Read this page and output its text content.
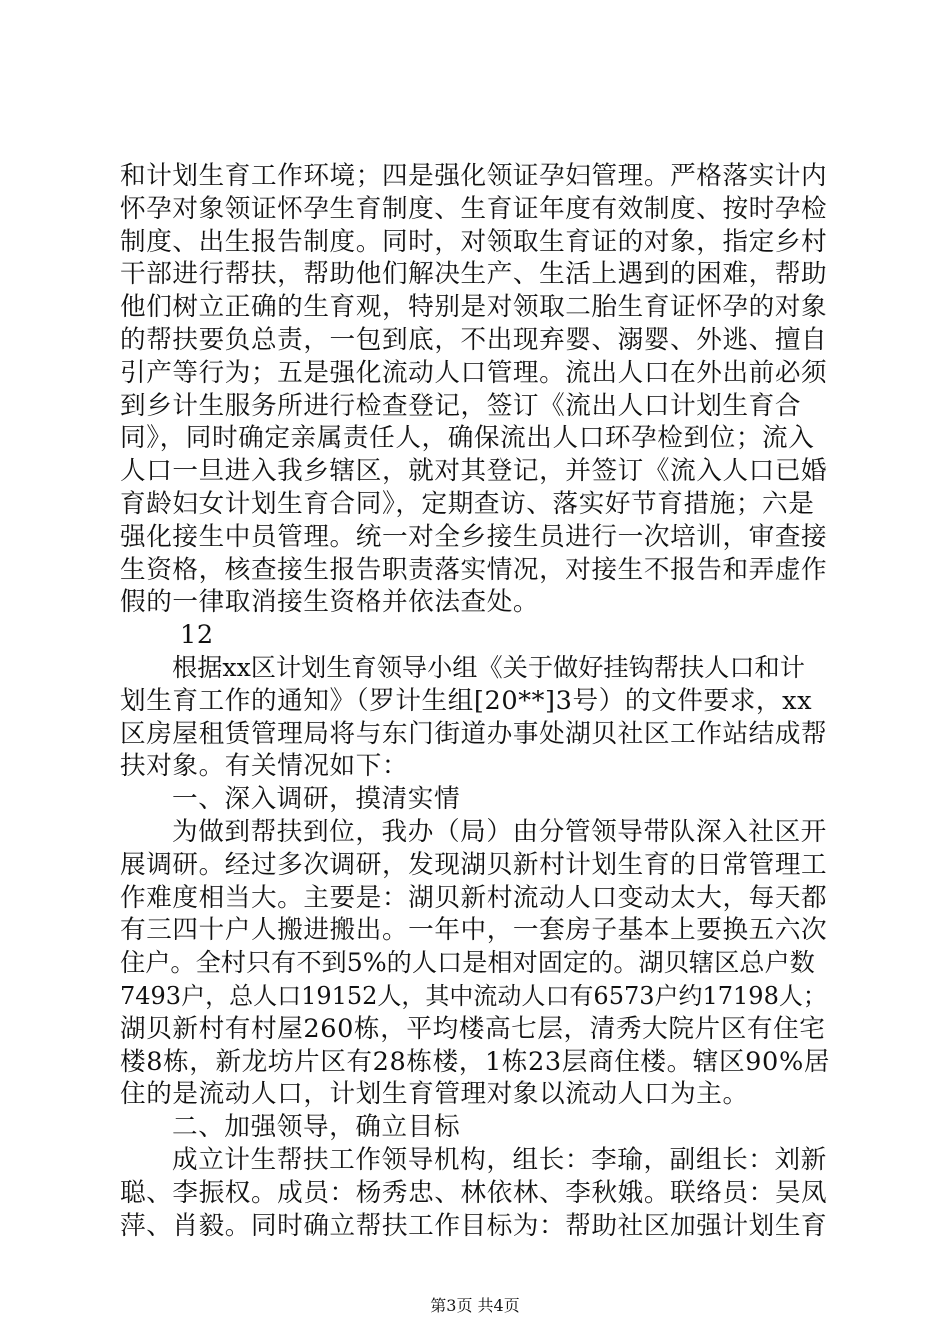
和计划生育工作环境；四是强化领证孕妇管理。严格落实计内
怀孕对象领证怀孕生育制度、生育证年度有效制度、按时孕检
制度、出生报告制度。同时，对领取生育证的对象，指定乡村
干部进行帮扶，帮助他们解决生产、生活上遇到的困难，帮助
他们树立正确的生育观，特别是对领取二胎生育证怀孕的对象
的帮扶要负总责，一包到底，不出现弃婴、溺婴、外逃、擅自
引产等行为；五是强化流动人口管理。流出人口在外出前必须
到乡计生服务所进行检查登记，签订《流出人口计划生育合
同》，同时确定亲属责任人，确保流出人口环孕检到位；流入
人口一旦进入我乡辖区，就对其登记，并签订《流入人口已婚
育龄妇女计划生育合同》，定期查访、落实好节育措施；六是
强化接生中员管理。统一对全乡接生员进行一次培训，审查接
生资格，核查接生报告职责落实情况，对接生不报告和弄虚作
假的一律取消接生资格并依法查处。
12
根据xx区计划生育领导小组《关于做好挂钩帮扶人口和计
划生育工作的通知》（罗计生组[20**]3号）的文件要求，xx
区房屋租赁管理局将与东门街道办事处湖贝社区工作站结成帮
扶对象。有关情况如下：
一、深入调研，摸清实情
为做到帮扶到位，我办（局）由分管领导带队深入社区开
展调研。经过多次调研，发现湖贝新村计划生育的日常管理工
作难度相当大。主要是：湖贝新村流动人口变动太大，每天都
有三四十户人搬进搬出。一年中，一套房子基本上要换五六次
住户。全村只有不到5%的人口是相对固定的。湖贝辖区总户数
7493户，总人口19152人，其中流动人口有6573户约17198人；
湖贝新村有村屋260栋，平均楼高七层，清秀大院片区有住宅
楼8栋，新龙坊片区有28栋楼，1栋23层商住楼。辖区90%居
住的是流动人口，计划生育管理对象以流动人口为主。
二、加强领导，确立目标
成立计生帮扶工作领导机构，组长：李瑜，副组长：刘新
聪、李振权。成员：杨秀忠、林依林、李秋娥。联络员：吴凤
萍、肖毅。同时确立帮扶工作目标为：帮助社区加强计划生育
第3页 共4页
